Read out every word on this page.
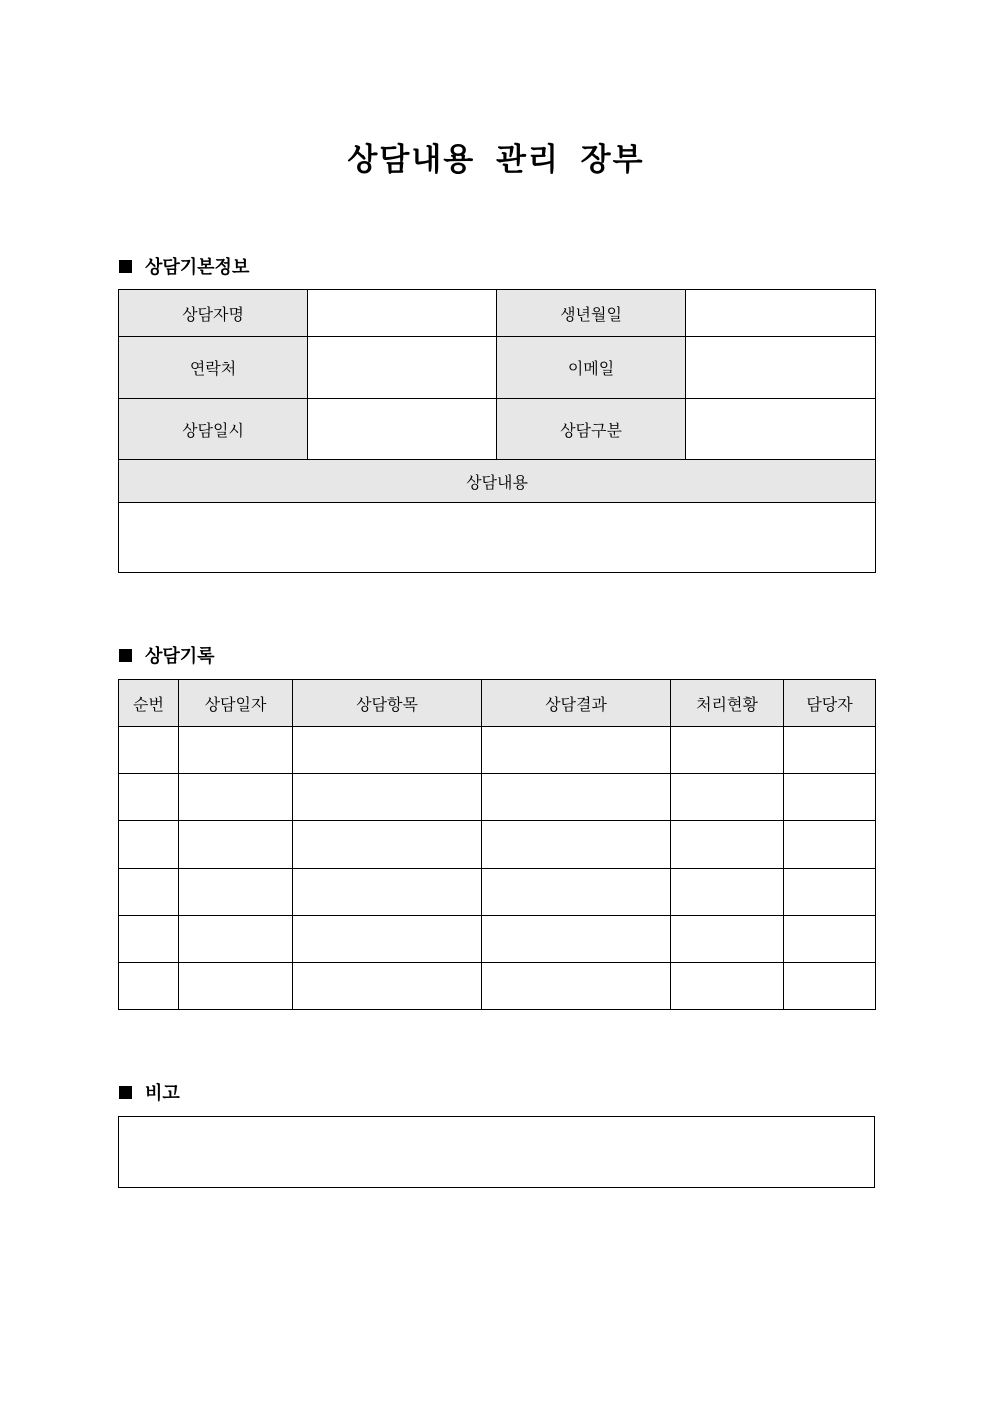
상담내용 관리 장부
상담기본정보
상담자명		생년월일	
연락처		이메일	
상담일시		상담구분	
상담내용			

상담기록
순번	상담일자	상담항목	상담결과	처리현황	담당자

비고
